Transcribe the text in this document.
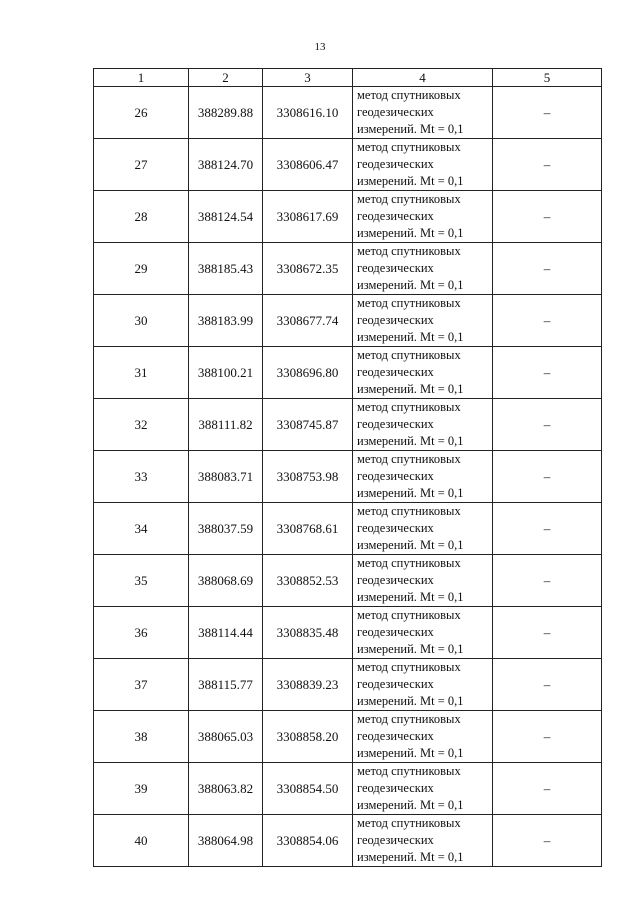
13
1	2	3	4	5
26	388289.88	3308616.10	метод спутниковых
геодезических
измерений. Mt = 0,1	–
27	388124.70	3308606.47	метод спутниковых
геодезических
измерений. Mt = 0,1	–
28	388124.54	3308617.69	метод спутниковых
геодезических
измерений. Mt = 0,1	–
29	388185.43	3308672.35	метод спутниковых
геодезических
измерений. Mt = 0,1	–
30	388183.99	3308677.74	метод спутниковых
геодезических
измерений. Mt = 0,1	–
31	388100.21	3308696.80	метод спутниковых
геодезических
измерений. Mt = 0,1	–
32	388111.82	3308745.87	метод спутниковых
геодезических
измерений. Mt = 0,1	–
33	388083.71	3308753.98	метод спутниковых
геодезических
измерений. Mt = 0,1	–
34	388037.59	3308768.61	метод спутниковых
геодезических
измерений. Mt = 0,1	–
35	388068.69	3308852.53	метод спутниковых
геодезических
измерений. Mt = 0,1	–
36	388114.44	3308835.48	метод спутниковых
геодезических
измерений. Mt = 0,1	–
37	388115.77	3308839.23	метод спутниковых
геодезических
измерений. Mt = 0,1	–
38	388065.03	3308858.20	метод спутниковых
геодезических
измерений. Mt = 0,1	–
39	388063.82	3308854.50	метод спутниковых
геодезических
измерений. Mt = 0,1	–
40	388064.98	3308854.06	метод спутниковых
геодезических
измерений. Mt = 0,1	–
